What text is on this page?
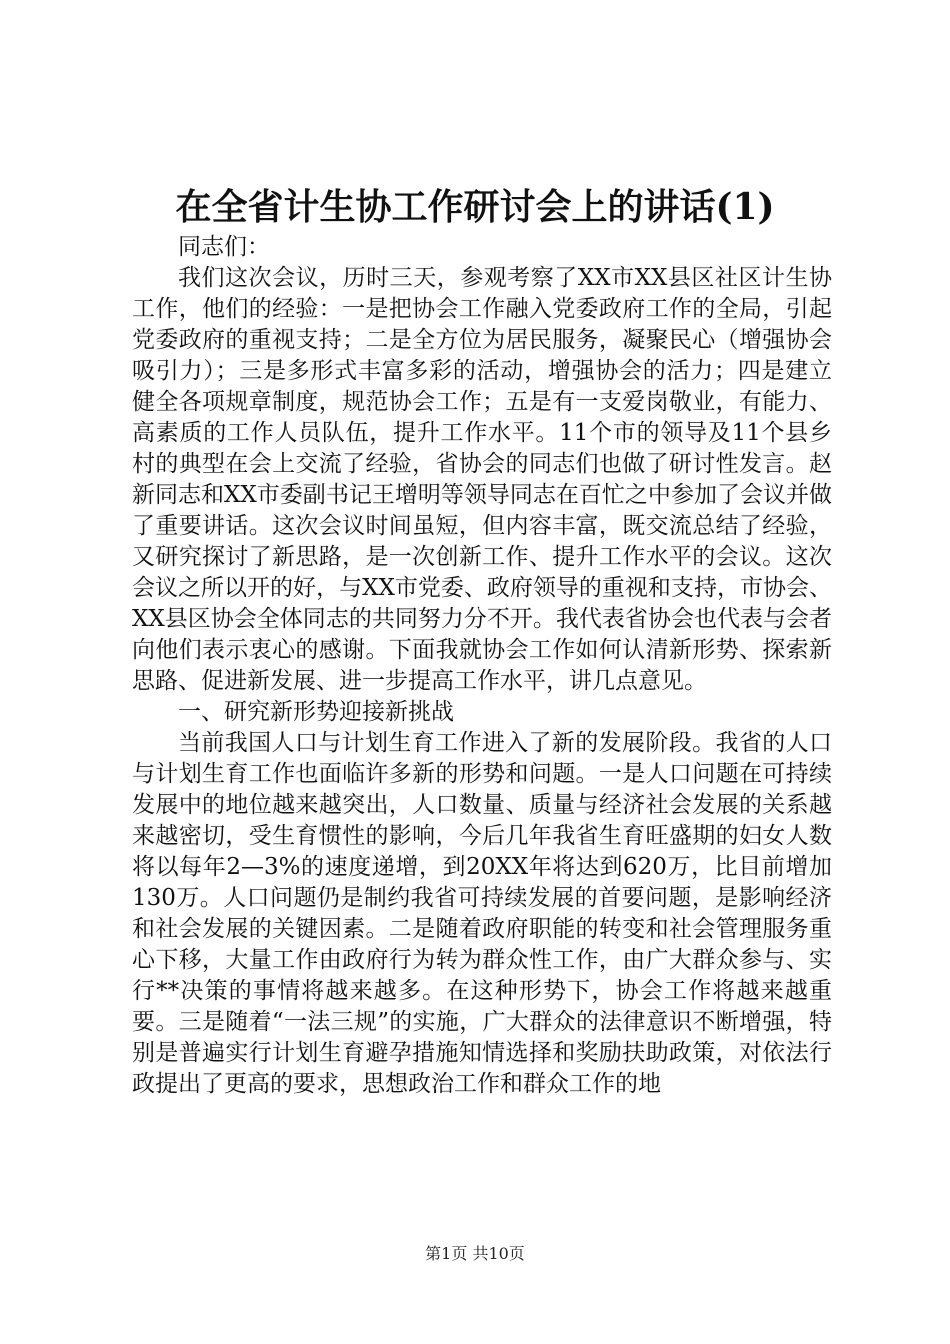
在全省计生协工作研讨会上的讲话(1)

同志们：

我们这次会议，历时三天，参观考察了XX市XX县区社区计生协工作，他们的经验：一是把协会工作融入党委政府工作的全局，引起党委政府的重视支持；二是全方位为居民服务，凝聚民心（增强协会吸引力）；三是多形式丰富多彩的活动，增强协会的活力；四是建立健全各项规章制度，规范协会工作；五是有一支爱岗敬业，有能力、高素质的工作人员队伍，提升工作水平。11个市的领导及11个县乡村的典型在会上交流了经验，省协会的同志们也做了研讨性发言。赵新同志和XX市委副书记王增明等领导同志在百忙之中参加了会议并做了重要讲话。这次会议时间虽短，但内容丰富，既交流总结了经验，又研究探讨了新思路，是一次创新工作、提升工作水平的会议。这次会议之所以开的好，与XX市党委、政府领导的重视和支持，市协会、XX县区协会全体同志的共同努力分不开。我代表省协会也代表与会者向他们表示衷心的感谢。下面我就协会工作如何认清新形势、探索新思路、促进新发展、进一步提高工作水平，讲几点意见。

一、研究新形势迎接新挑战

当前我国人口与计划生育工作进入了新的发展阶段。我省的人口与计划生育工作也面临许多新的形势和问题。一是人口问题在可持续发展中的地位越来越突出，人口数量、质量与经济社会发展的关系越来越密切，受生育惯性的影响，今后几年我省生育旺盛期的妇女人数将以每年2—3%的速度递增，到20XX年将达到620万，比目前增加130万。人口问题仍是制约我省可持续发展的首要问题，是影响经济和社会发展的关键因素。二是随着政府职能的转变和社会管理服务重心下移，大量工作由政府行为转为群众性工作，由广大群众参与、实行**决策的事情将越来越多。在这种形势下，协会工作将越来越重要。三是随着“一法三规”的实施，广大群众的法律意识不断增强，特别是普遍实行计划生育避孕措施知情选择和奖励扶助政策，对依法行政提出了更高的要求，思想政治工作和群众工作的地

第1页 共10页
